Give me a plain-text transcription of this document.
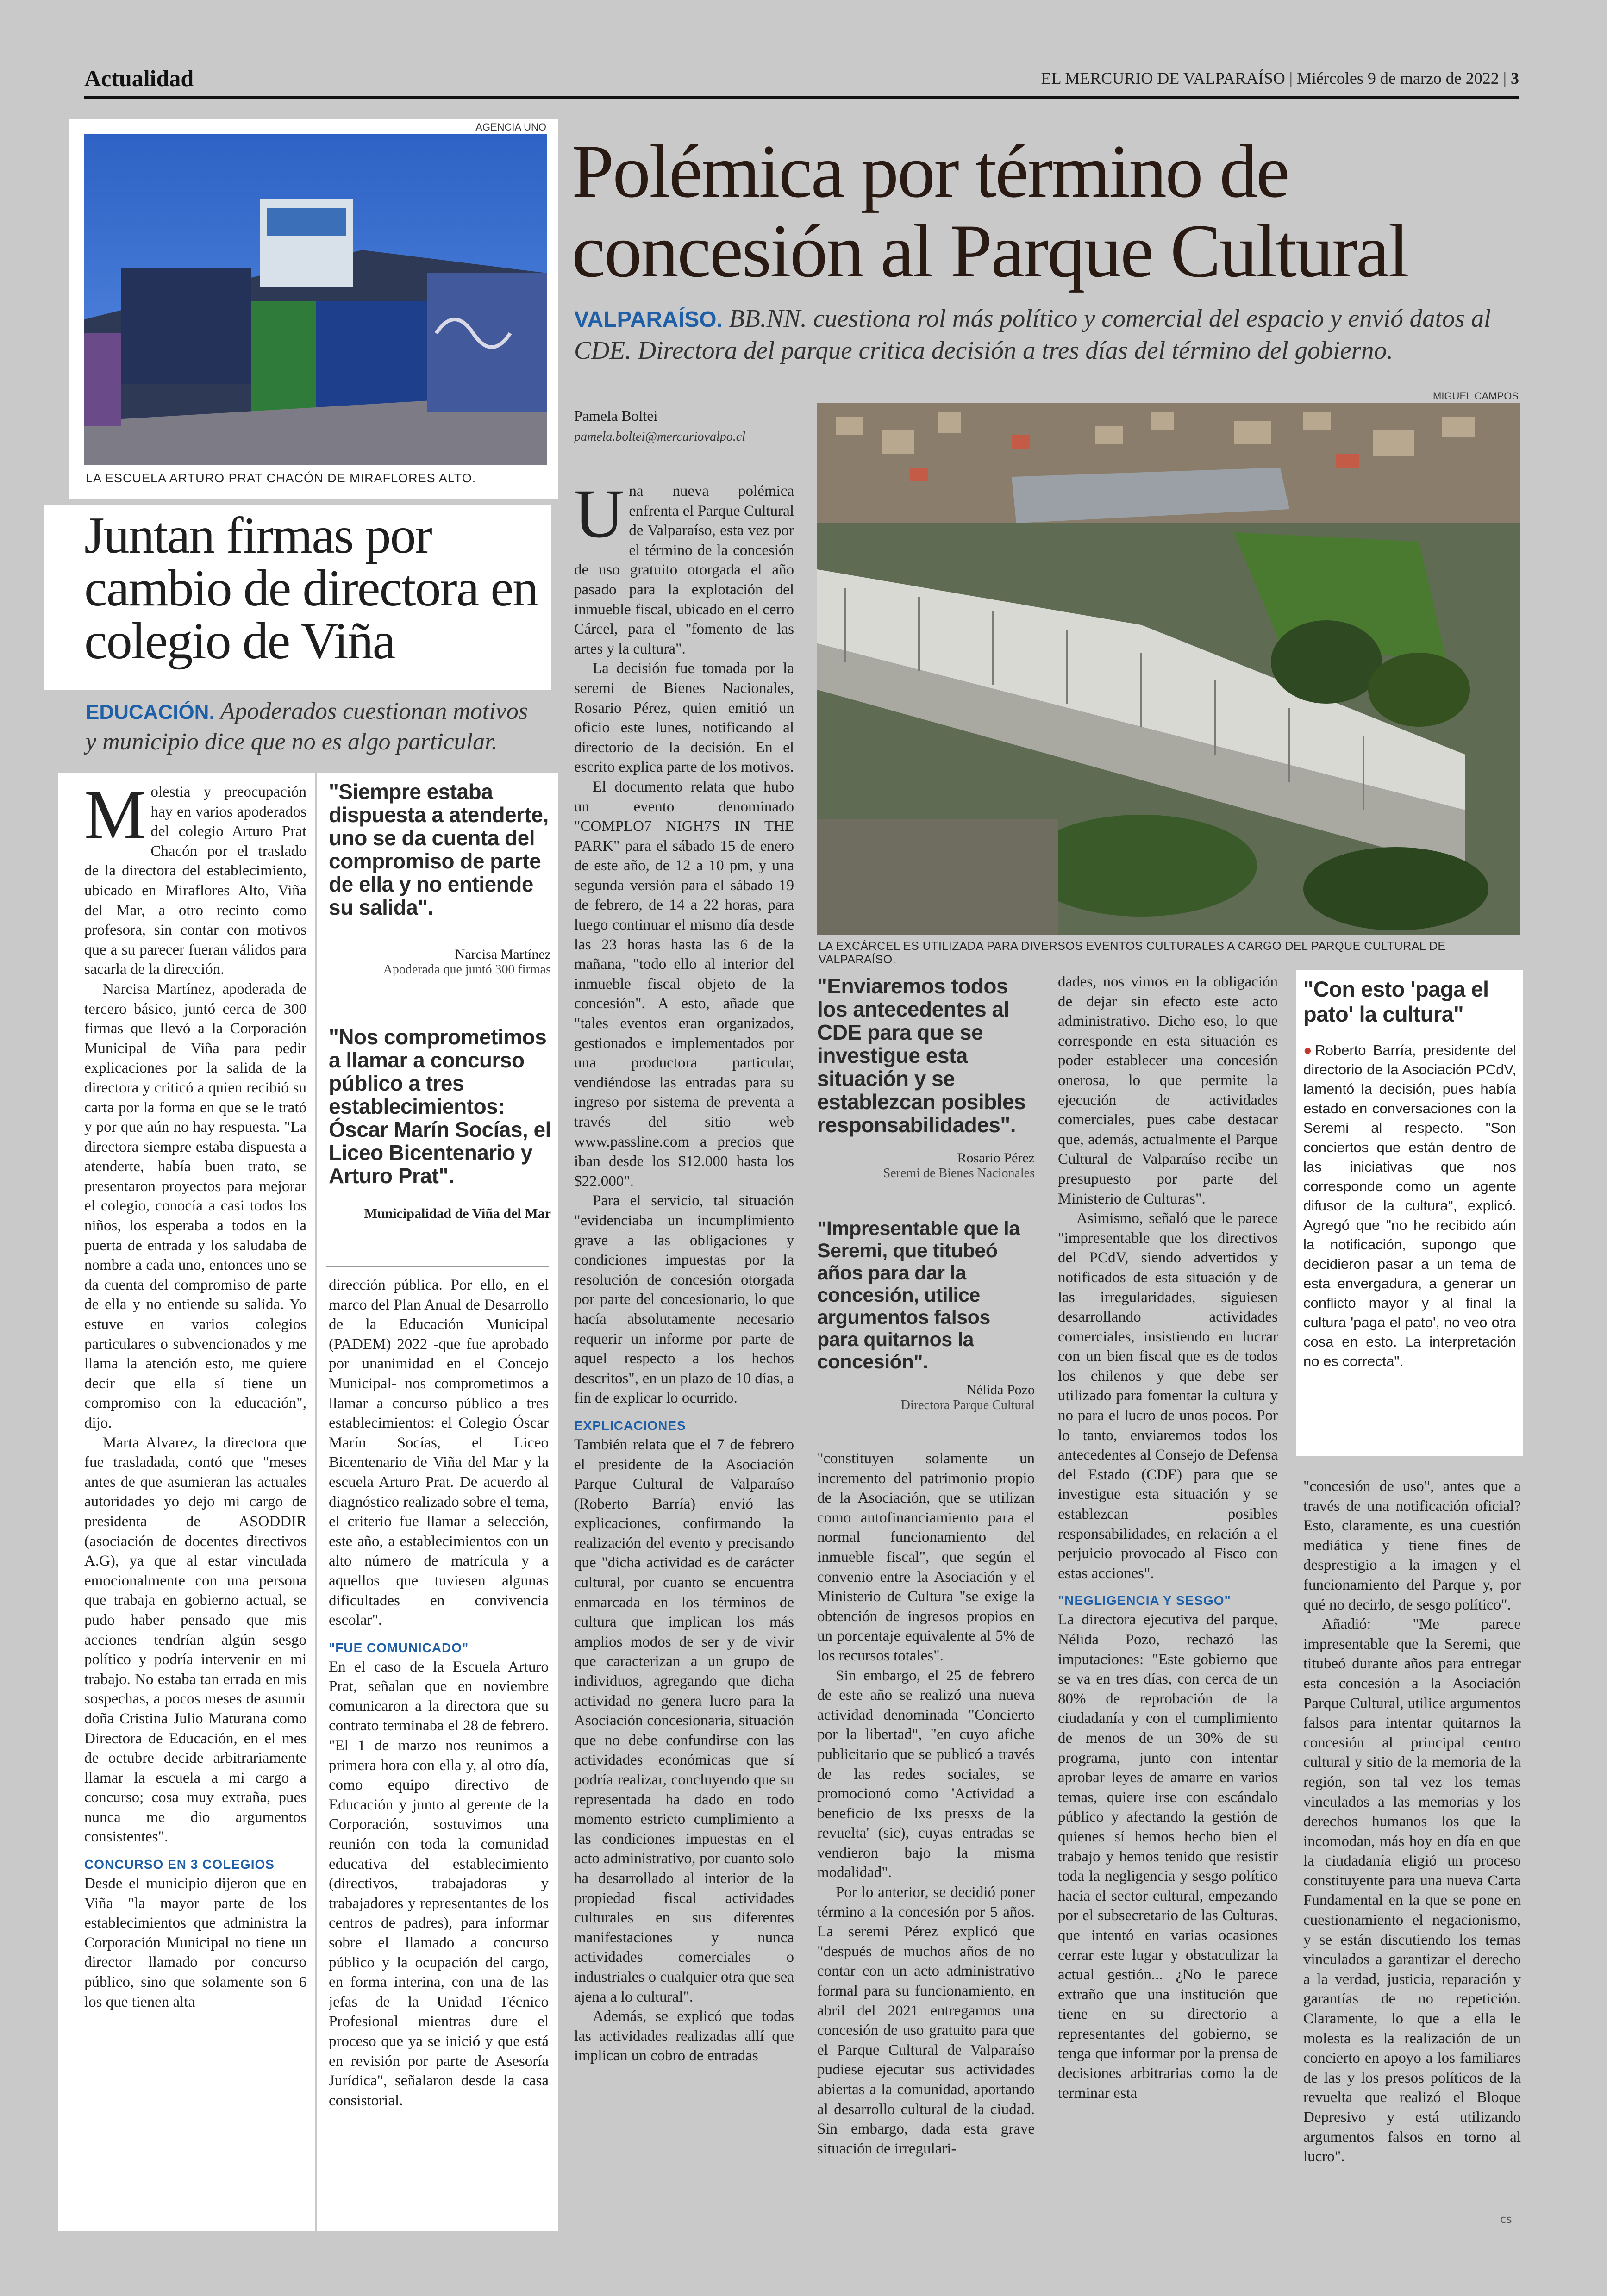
Actualidad	EL MERCURIO DE VALPARAÍSO | Miércoles 9 de marzo de 2022 | 3
AGENCIA UNO
LA ESCUELA ARTURO PRAT CHACÓN DE MIRAFLORES ALTO.
Juntan firmas por cambio de directora en colegio de Viña
EDUCACIÓN. Apoderados cuestionan motivos y municipio dice que no es algo particular.
M olestia y preocupación hay en varios apoderados del colegio Arturo Prat Chacón por el traslado de la directora del establecimiento, ubicado en Miraflores Alto, Viña del Mar, a otro recinto como profesora, sin contar con motivos que a su parecer fueran válidos para sacarla de la dirección.

Narcisa Martínez, apoderada de tercero básico, juntó cerca de 300 firmas que llevó a la Corporación Municipal de Viña para pedir explicaciones por la salida de la directora y criticó a quien recibió su carta por la forma en que se le trató y por que aún no hay respuesta. "La directora siempre estaba dispuesta a atenderte, había buen trato, se presentaron proyectos para mejorar el colegio, conocía a casi todos los niños, los esperaba a todos en la puerta de entrada y los saludaba de nombre a cada uno, entonces uno se da cuenta del compromiso de parte de ella y no entiende su salida. Yo estuve en varios colegios particulares o subvencionados y me llama la atención esto, me quiere decir que ella sí tiene un compromiso con la educación", dijo.

Marta Alvarez, la directora que fue trasladada, contó que "meses antes de que asumieran las actuales autoridades yo dejo mi cargo de presidenta de ASODDIR (asociación de docentes directivos A.G), ya que al estar vinculada emocionalmente con una persona que trabaja en gobierno actual, se pudo haber pensado que mis acciones tendrían algún sesgo político y podría intervenir en mi trabajo. No estaba tan errada en mis sospechas, a pocos meses de asumir doña Cristina Julio Maturana como Directora de Educación, en el mes de octubre decide arbitrariamente llamar la escuela a mi cargo a concurso; cosa muy extraña, pues nunca me dio argumentos consistentes".

CONCURSO EN 3 COLEGIOS

Desde el municipio dijeron que en Viña "la mayor parte de los establecimientos que administra la Corporación Municipal no tiene un director llamado por concurso público, sino que solamente son 6 los que tienen alta

"Siempre estaba dispuesta a atenderte, uno se da cuenta del compromiso de parte de ella y no entiende su salida".
Narcisa Martínez
Apoderada que juntó 300 firmas
"Nos comprometimos a llamar a concurso público a tres establecimientos: Óscar Marín Socías, el Liceo Bicentenario y Arturo Prat".
Municipalidad de Viña del Mar

dirección pública. Por ello, en el marco del Plan Anual de Desarrollo de la Educación Municipal (PADEM) 2022 -que fue aprobado por unanimidad en el Concejo Municipal- nos comprometimos a llamar a concurso público a tres establecimientos: el Colegio Óscar Marín Socías, el Liceo Bicentenario de Viña del Mar y la escuela Arturo Prat. De acuerdo al diagnóstico realizado sobre el tema, el criterio fue llamar a selección, este año, a establecimientos con un alto número de matrícula y a aquellos que tuviesen algunas dificultades en convivencia escolar".

"FUE COMUNICADO"

En el caso de la Escuela Arturo Prat, señalan que en noviembre comunicaron a la directora que su contrato terminaba el 28 de febrero. "El 1 de marzo nos reunimos a primera hora con ella y, al otro día, como equipo directivo de Educación y junto al gerente de la Corporación, sostuvimos una reunión con toda la comunidad educativa del establecimiento (directivos, trabajadoras y trabajadores y representantes de los centros de padres), para informar sobre el llamado a concurso público y la ocupación del cargo, en forma interina, con una de las jefas de la Unidad Técnico Profesional mientras dure el proceso que ya se inició y que está en revisión por parte de Asesoría Jurídica", señalaron desde la casa consistorial.

Polémica por término de concesión al Parque Cultural
VALPARAÍSO. BB.NN. cuestiona rol más político y comercial del espacio y envió datos al CDE. Directora del parque critica decisión a tres días del término del gobierno.
Pamela Boltei
pamela.boltei@mercuriovalpo.cl
MIGUEL CAMPOS
LA EXCÁRCEL ES UTILIZADA PARA DIVERSOS EVENTOS CULTURALES A CARGO DEL PARQUE CULTURAL DE VALPARAÍSO.
U na nueva polémica enfrenta el Parque Cultural de Valparaíso, esta vez por el término de la concesión de uso gratuito otorgada el año pasado para la explotación del inmueble fiscal, ubicado en el cerro Cárcel, para el "fomento de las artes y la cultura".

La decisión fue tomada por la seremi de Bienes Nacionales, Rosario Pérez, quien emitió un oficio este lunes, notificando al directorio de la decisión. En el escrito explica parte de los motivos.

El documento relata que hubo un evento denominado "COMPLO7 NIGH7S IN THE PARK" para el sábado 15 de enero de este año, de 12 a 10 pm, y una segunda versión para el sábado 19 de febrero, de 14 a 22 horas, para luego continuar el mismo día desde las 23 horas hasta las 6 de la mañana, "todo ello al interior del inmueble fiscal objeto de la concesión". A esto, añade que "tales eventos eran organizados, gestionados e implementados por una productora particular, vendiéndose las entradas para su ingreso por sistema de preventa a través del sitio web www.passline.com a precios que iban desde los $12.000 hasta los $22.000".

Para el servicio, tal situación "evidenciaba un incumplimiento grave a las obligaciones y condiciones impuestas por la resolución de concesión otorgada por parte del concesionario, lo que hacía absolutamente necesario requerir un informe por parte de aquel respecto a los hechos descritos", en un plazo de 10 días, a fin de explicar lo ocurrido.

EXPLICACIONES

También relata que el 7 de febrero el presidente de la Asociación Parque Cultural de Valparaíso (Roberto Barría) envió las explicaciones, confirmando la realización del evento y precisando que "dicha actividad es de carácter cultural, por cuanto se encuentra enmarcada en los términos de cultura que implican los más amplios modos de ser y de vivir que caracterizan a un grupo de individuos, agregando que dicha actividad no genera lucro para la Asociación concesionaria, situación que no debe confundirse con las actividades económicas que sí podría realizar, concluyendo que su representada ha dado en todo momento estricto cumplimiento a las condiciones impuestas en el acto administrativo, por cuanto solo ha desarrollado al interior de la propiedad fiscal actividades culturales en sus diferentes manifestaciones y nunca actividades comerciales o industriales o cualquier otra que sea ajena a lo cultural".

Además, se explicó que todas las actividades realizadas allí que implican un cobro de entradas

"Enviaremos todos los antecedentes al CDE para que se investigue esta situación y se establezcan posibles responsabilidades".
Rosario Pérez
Seremi de Bienes Nacionales
"Impresentable que la Seremi, que titubeó años para dar la concesión, utilice argumentos falsos para quitarnos la concesión".
Nélida Pozo
Directora Parque Cultural

"constituyen solamente un incremento del patrimonio propio de la Asociación, que se utilizan como autofinanciamiento para el normal funcionamiento del inmueble fiscal", que según el convenio entre la Asociación y el Ministerio de Cultura "se exige la obtención de ingresos propios en un porcentaje equivalente al 5% de los recursos totales".

Sin embargo, el 25 de febrero de este año se realizó una nueva actividad denominada "Concierto por la libertad", "en cuyo afiche publicitario que se publicó a través de las redes sociales, se promocionó como 'Actividad a beneficio de lxs presxs de la revuelta' (sic), cuyas entradas se vendieron bajo la misma modalidad".

Por lo anterior, se decidió poner término a la concesión por 5 años. La seremi Pérez explicó que "después de muchos años de no contar con un acto administrativo formal para su funcionamiento, en abril del 2021 entregamos una concesión de uso gratuito para que el Parque Cultural de Valparaíso pudiese ejecutar sus actividades abiertas a la comunidad, aportando al desarrollo cultural de la ciudad. Sin embargo, dada esta grave situación de irregulari-

dades, nos vimos en la obligación de dejar sin efecto este acto administrativo. Dicho eso, lo que corresponde en esta situación es poder establecer una concesión onerosa, lo que permite la ejecución de actividades comerciales, pues cabe destacar que, además, actualmente el Parque Cultural de Valparaíso recibe un presupuesto por parte del Ministerio de Culturas".

Asimismo, señaló que le parece "impresentable que los directivos del PCdV, siendo advertidos y notificados de esta situación y de las irregularidades, siguiesen desarrollando actividades comerciales, insistiendo en lucrar con un bien fiscal que es de todos los chilenos y que debe ser utilizado para fomentar la cultura y no para el lucro de unos pocos. Por lo tanto, enviaremos todos los antecedentes al Consejo de Defensa del Estado (CDE) para que se investigue esta situación y se establezcan posibles responsabilidades, en relación a el perjuicio provocado al Fisco con estas acciones".

"NEGLIGENCIA Y SESGO"

La directora ejecutiva del parque, Nélida Pozo, rechazó las imputaciones: "Este gobierno que se va en tres días, con cerca de un 80% de reprobación de la ciudadanía y con el cumplimiento de menos de un 30% de su programa, junto con intentar aprobar leyes de amarre en varios temas, quiere irse con escándalo público y afectando la gestión de quienes sí hemos hecho bien el trabajo y hemos tenido que resistir toda la negligencia y sesgo político hacia el sector cultural, empezando por el subsecretario de las Culturas, que intentó en varias ocasiones cerrar este lugar y obstaculizar la actual gestión... ¿No le parece extraño que una institución que tiene en su directorio a representantes del gobierno, se tenga que informar por la prensa de decisiones arbitrarias como la de terminar esta

"Con esto 'paga el pato' la cultura"
●Roberto Barría, presidente del directorio de la Asociación PCdV, lamentó la decisión, pues había estado en conversaciones con la Seremi al respecto. "Son conciertos que están dentro de las iniciativas que nos corresponde como un agente difusor de la cultura", explicó. Agregó que "no he recibido aún la notificación, supongo que decidieron pasar a un tema de esta envergadura, a generar un conflicto mayor y al final la cultura 'paga el pato', no veo otra cosa en esto. La interpretación no es correcta".

"concesión de uso", antes que a través de una notificación oficial? Esto, claramente, es una cuestión mediática y tiene fines de desprestigio a la imagen y el funcionamiento del Parque y, por qué no decirlo, de sesgo político".

Añadió: "Me parece impresentable que la Seremi, que titubeó durante años para entregar esta concesión a la Asociación Parque Cultural, utilice argumentos falsos para intentar quitarnos la concesión al principal centro cultural y sitio de la memoria de la región, son tal vez los temas vinculados a las memorias y los derechos humanos los que la incomodan, más hoy en día en que la ciudadanía eligió un proceso constituyente para una nueva Carta Fundamental en la que se pone en cuestionamiento el negacionismo, y se están discutiendo los temas vinculados a garantizar el derecho a la verdad, justicia, reparación y garantías de no repetición. Claramente, lo que a ella le molesta es la realización de un concierto en apoyo a los familiares de las y los presos políticos de la revuelta que realizó el Bloque Depresivo y está utilizando argumentos falsos en torno al lucro".

cs
